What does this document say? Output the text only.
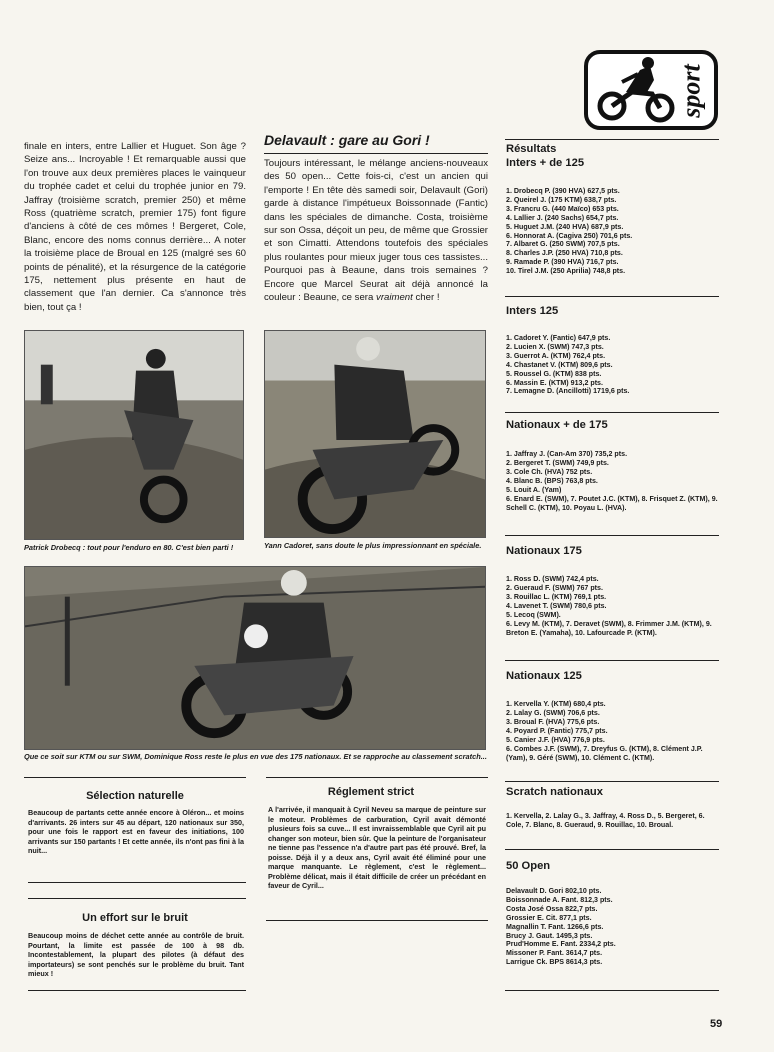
sport
finale en inters, entre Lallier et Huguet. Son âge ? Seize ans... Incroyable ! Et remarquable aussi que l'on trouve aux deux premières places le vainqueur du trophée cadet et celui du trophée junior en 79. Jaffray (troisième scratch, premier 250) et même Ross (quatrième scratch, premier 175) font figure d'anciens à côté de ces mômes ! Bergeret, Cole, Blanc, encore des noms connus derrière... A noter la troisième place de Broual en 125 (malgré ses 60 points de pénalité), et la résurgence de la catégorie 175, nettement plus présente en haut de classement que l'an dernier. Ca s'annonce très bien, tout ça !
Delavault : gare au Gori !
Toujours intéressant, le mélange anciens-nouveaux des 50 open... Cette fois-ci, c'est un ancien qui l'emporte ! En tête dès samedi soir, Delavault (Gori) garde à distance l'impétueux Boissonnade (Fantic) dans les spéciales de dimanche. Costa, troisième sur son Ossa, déçoit un peu, de même que Grossier et son Cimatti. Attendons toutefois des spéciales plus roulantes pour mieux juger tous ces tassistes... Pourquoi pas à Beaune, dans trois semaines ? Encore que Marcel Seurat ait déjà annoncé la couleur : Beaune, ce sera vraiment cher !
Patrick Drobecq : tout pour l'enduro en 80. C'est bien parti !	Yann Cadoret, sans doute le plus impressionnant en spéciale.
Que ce soit sur KTM ou sur SWM, Dominique Ross reste le plus en vue des 175 nationaux. Et se rapproche au classement scratch...
Sélection naturelle
Beaucoup de partants cette année encore à Oléron... et moins d'arrivants. 26 inters sur 45 au départ, 120 nationaux sur 350, pour une fois le rapport est en faveur des initiations, 100 arrivants sur 150 partants ! Et cette année, ils n'ont pas fini à la nuit...
Un effort sur le bruit
Beaucoup moins de déchet cette année au contrôle de bruit. Pourtant, la limite est passée de 100 à 98 db. Incontestablement, la plupart des pilotes (à défaut des importateurs) se sont penchés sur le problème du bruit. Tant mieux !
Réglement strict
A l'arrivée, il manquait à Cyril Neveu sa marque de peinture sur le moteur. Problèmes de carburation, Cyril avait démonté plusieurs fois sa cuve... Il est invraissemblable que Cyril ait pu changer son moteur, bien sûr. Que la peinture de l'organisateur ne tienne pas l'essence n'a d'autre part pas été prouvé. Bref, la poisse. Déjà il y a deux ans, Cyril avait été éliminé pour une marque manquante. Le règlement, c'est le règlement... Problème délicat, mais il était difficile de créer un précédant en faveur de Cyril...
Résultats
Inters + de 125
1. Drobecq P. (390 HVA) 627,5 pts.
2. Queirel J. (175 KTM) 638,7 pts.
3. Francru G. (440 Maïco) 653 pts.
4. Lallier J. (240 Sachs) 654,7 pts.
5. Huguet J.M. (240 HVA) 687,9 pts.
6. Honnorat A. (Cagiva 250) 701,6 pts.
7. Albaret G. (250 SWM) 707,5 pts.
8. Charles J.P. (250 HVA) 710,8 pts.
9. Ramade P. (390 HVA) 716,7 pts.
10. Tirel J.M. (250 Aprilia) 748,8 pts.
Inters 125
1. Cadoret Y. (Fantic) 647,9 pts.
2. Lucien X. (SWM) 747,3 pts.
3. Guerrot A. (KTM) 762,4 pts.
4. Chastanet V. (KTM) 809,6 pts.
5. Roussel G. (KTM) 838 pts.
6. Massin E. (KTM) 913,2 pts.
7. Lemagne D. (Ancillotti) 1719,6 pts.
Nationaux + de 175
1. Jaffray J. (Can-Am 370) 735,2 pts.
2. Bergeret T. (SWM) 749,9 pts.
3. Cole Ch. (HVA) 752 pts.
4. Blanc B. (BPS) 763,8 pts.
5. Louit A. (Yam)
6. Enard E. (SWM), 7. Poutet J.C. (KTM), 8. Frisquet Z. (KTM), 9. Schell C. (KTM), 10. Poyau L. (HVA).
Nationaux 175
1. Ross D. (SWM) 742,4 pts.
2. Gueraud F. (SWM) 767 pts.
3. Rouillac L. (KTM) 769,1 pts.
4. Lavenet T. (SWM) 780,6 pts.
5. Lecoq (SWM).
6. Levy M. (KTM), 7. Deravet (SWM), 8. Frimmer J.M. (KTM), 9. Breton E. (Yamaha), 10. Lafourcade P. (KTM).
Nationaux 125
1. Kervella Y. (KTM) 680,4 pts.
2. Lalay G. (SWM) 706,6 pts.
3. Broual F. (HVA) 775,6 pts.
4. Poyard P. (Fantic) 775,7 pts.
5. Canier J.F. (HVA) 776,9 pts.
6. Combes J.F. (SWM), 7. Dreyfus G. (KTM), 8. Clément J.P. (Yam), 9. Géré (SWM), 10. Clément C. (KTM).
Scratch nationaux
1. Kervella, 2. Lalay G., 3. Jaffray, 4. Ross D., 5. Bergeret, 6. Cole, 7. Blanc, 8. Gueraud, 9. Rouillac, 10. Broual.
50 Open
Delavault D. Gori 802,10 pts.
Boissonnade A. Fant. 812,3 pts.
Costa José Ossa 822,7 pts.
Grossier E. Cit. 877,1 pts.
Magnallin T. Fant. 1266,6 pts.
Brucy J. Gaut. 1495,3 pts.
Prud'Homme E. Fant. 2334,2 pts.
Missoner P. Fant. 3614,7 pts.
Larrigue Ck. BPS 8614,3 pts.
59
